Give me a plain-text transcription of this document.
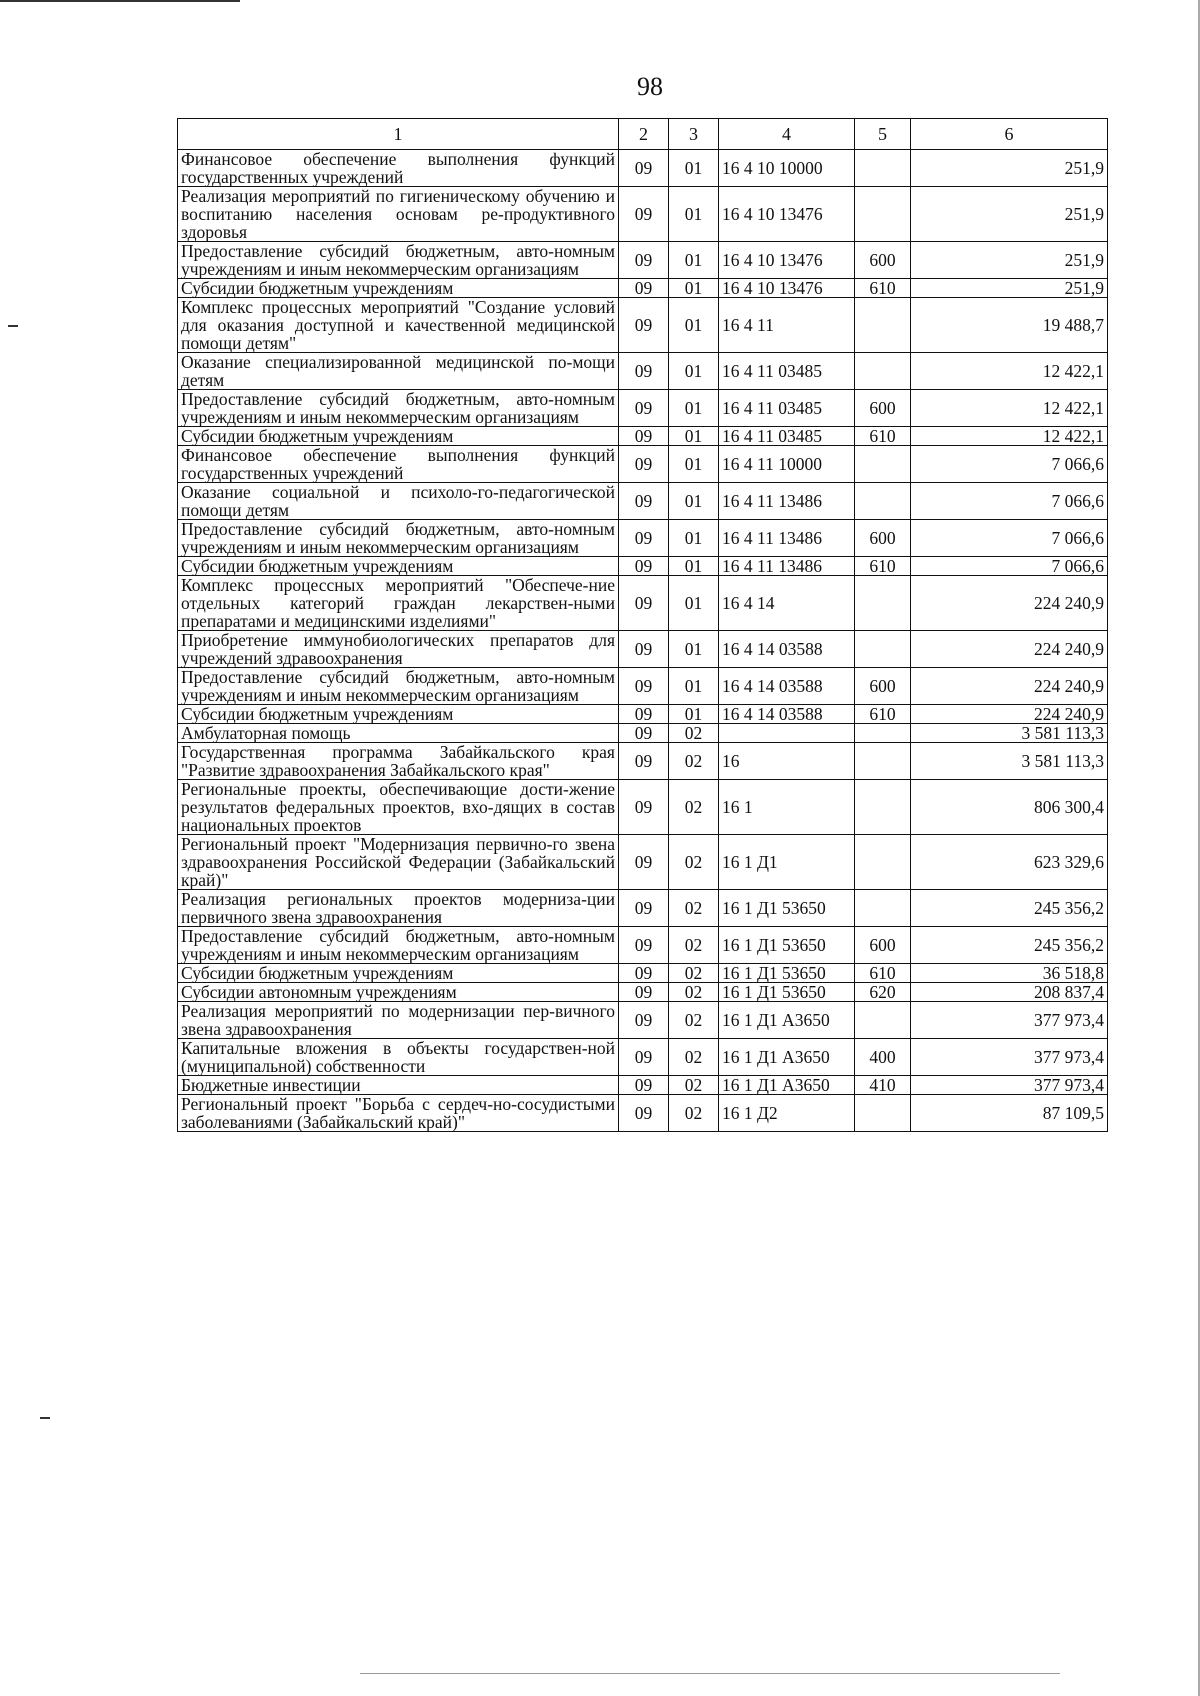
98
1	2	3	4	5	6
Финансовое обеспечение выполнения функций государственных учреждений	09	01	16 4 10 10000		251,9
Реализация мероприятий по гигиеническому обучению и воспитанию населения основам ре-продуктивного здоровья	09	01	16 4 10 13476		251,9
Предоставление субсидий бюджетным, авто-номным учреждениям и иным некоммерческим организациям	09	01	16 4 10 13476	600	251,9
Субсидии бюджетным учреждениям	09	01	16 4 10 13476	610	251,9
Комплекс процессных мероприятий "Создание условий для оказания доступной и качественной медицинской помощи детям"	09	01	16 4 11		19 488,7
Оказание специализированной медицинской по-мощи детям	09	01	16 4 11 03485		12 422,1
Предоставление субсидий бюджетным, авто-номным учреждениям и иным некоммерческим организациям	09	01	16 4 11 03485	600	12 422,1
Субсидии бюджетным учреждениям	09	01	16 4 11 03485	610	12 422,1
Финансовое обеспечение выполнения функций государственных учреждений	09	01	16 4 11 10000		7 066,6
Оказание социальной и психоло-го-педагогической помощи детям	09	01	16 4 11 13486		7 066,6
Предоставление субсидий бюджетным, авто-номным учреждениям и иным некоммерческим организациям	09	01	16 4 11 13486	600	7 066,6
Субсидии бюджетным учреждениям	09	01	16 4 11 13486	610	7 066,6
Комплекс процессных мероприятий "Обеспече-ние отдельных категорий граждан лекарствен-ными препаратами и медицинскими изделиями"	09	01	16 4 14		224 240,9
Приобретение иммунобиологических препаратов для учреждений здравоохранения	09	01	16 4 14 03588		224 240,9
Предоставление субсидий бюджетным, авто-номным учреждениям и иным некоммерческим организациям	09	01	16 4 14 03588	600	224 240,9
Субсидии бюджетным учреждениям	09	01	16 4 14 03588	610	224 240,9
Амбулаторная помощь	09	02			3 581 113,3
Государственная программа Забайкальского края "Развитие здравоохранения Забайкальского края"	09	02	16		3 581 113,3
Региональные проекты, обеспечивающие дости-жение результатов федеральных проектов, вхо-дящих в состав национальных проектов	09	02	16 1		806 300,4
Региональный проект "Модернизация первично-го звена здравоохранения Российской Федерации (Забайкальский край)"	09	02	16 1 Д1		623 329,6
Реализация региональных проектов модерниза-ции первичного звена здравоохранения	09	02	16 1 Д1 53650		245 356,2
Предоставление субсидий бюджетным, авто-номным учреждениям и иным некоммерческим организациям	09	02	16 1 Д1 53650	600	245 356,2
Субсидии бюджетным учреждениям	09	02	16 1 Д1 53650	610	36 518,8
Субсидии автономным учреждениям	09	02	16 1 Д1 53650	620	208 837,4
Реализация мероприятий по модернизации пер-вичного звена здравоохранения	09	02	16 1 Д1 А3650		377 973,4
Капитальные вложения в объекты государствен-ной (муниципальной) собственности	09	02	16 1 Д1 А3650	400	377 973,4
Бюджетные инвестиции	09	02	16 1 Д1 А3650	410	377 973,4
Региональный проект "Борьба с сердеч-но-сосудистыми заболеваниями (Забайкальский край)"	09	02	16 1 Д2		87 109,5
